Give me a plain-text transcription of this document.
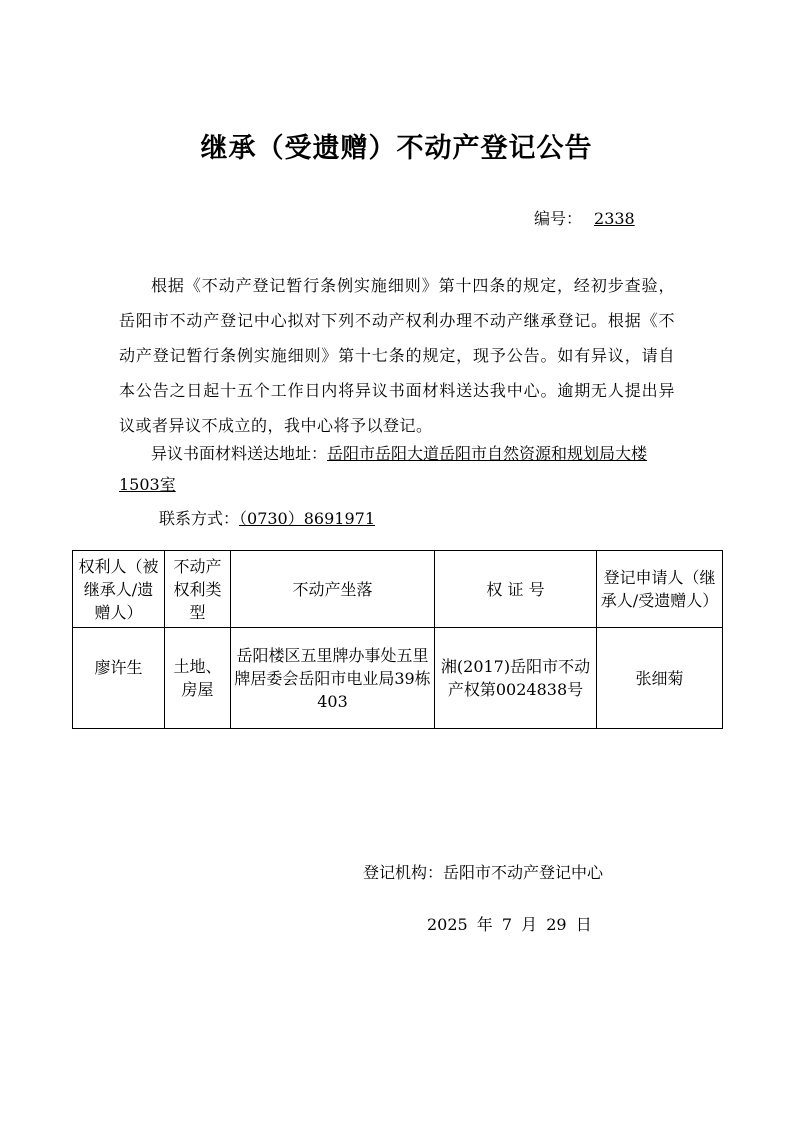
继承（受遗赠）不动产登记公告
编号： 2338
根据《不动产登记暂行条例实施细则》第十四条的规定，经初步查验，岳阳市不动产登记中心拟对下列不动产权利办理不动产继承登记。根据《不动产登记暂行条例实施细则》第十七条的规定，现予公告。如有异议，请自本公告之日起十五个工作日内将异议书面材料送达我中心。逾期无人提出异议或者异议不成立的，我中心将予以登记。
异议书面材料送达地址：岳阳市岳阳大道岳阳市自然资源和规划局大楼1503室
联系方式：（0730）8691971
权利人（被继承人/遗赠人）	不动产权利类型	不动产坐落	权 证 号	登记申请人（继承人/受遗赠人）
廖许生	土地、房屋	岳阳楼区五里牌办事处五里牌居委会岳阳市电业局39栋403	湘(2017)岳阳市不动产权第0024838号	张细菊
登记机构：岳阳市不动产登记中心
2025 年 7 月 29 日
